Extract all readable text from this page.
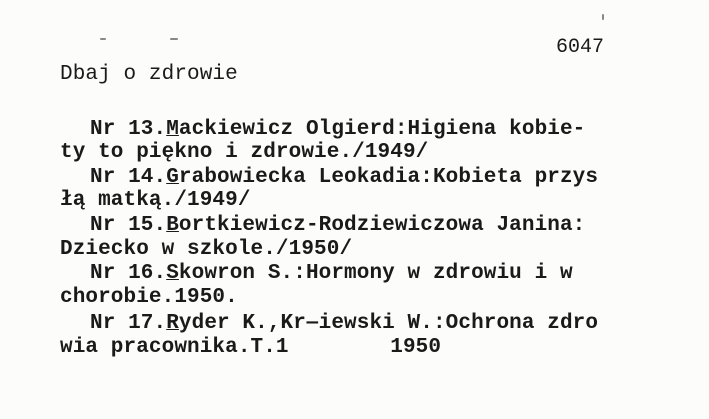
6047
Dbaj o zdrowie
Nr 13.Mackiewicz Olgierd:Higiena kobie-
ty to piękno i zdrowie./1949/
Nr 14.Grabowiecka Leokadia:Kobieta przys
łą matką./1949/
Nr 15.Bortkiewicz-Rodziewiczowa Janina:
Dziecko w szkole./1950/
Nr 16.Skowron S.:Hormony w zdrowiu i w
chorobie.1950.
Nr 17.Ryder K.,Kr‒iewski W.:Ochrona zdro
wia pracownika.T.1        1950
